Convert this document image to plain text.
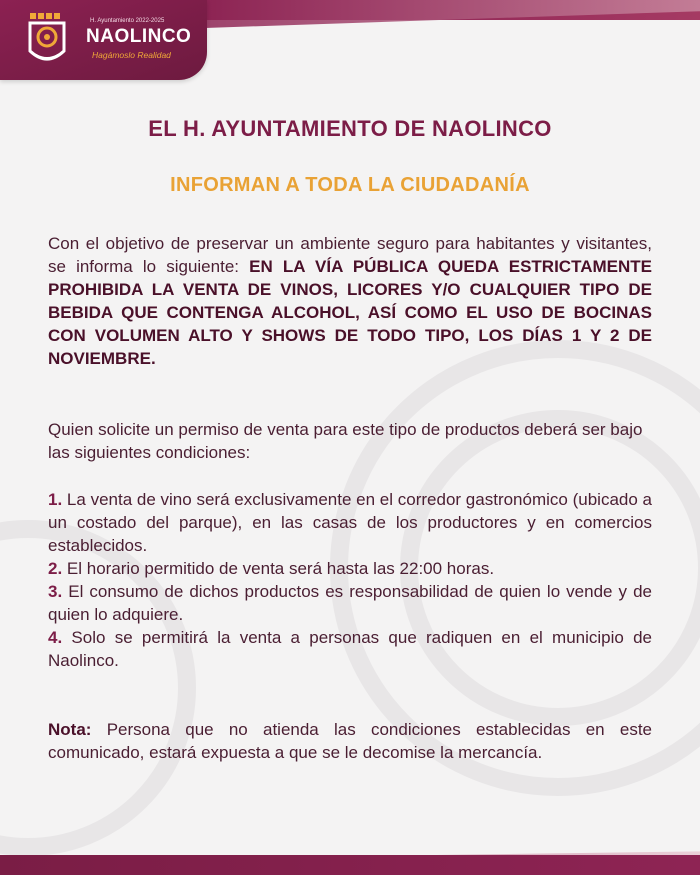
H. Ayuntamiento 2022-2025
NAOLINCO
Hagámoslo Realidad
EL H. AYUNTAMIENTO DE NAOLINCO
INFORMAN A TODA LA CIUDADANÍA
Con el objetivo de preservar un ambiente seguro para habitantes y visitantes, se informa lo siguiente: EN LA VÍA PÚBLICA QUEDA ESTRICTAMENTE PROHIBIDA LA VENTA DE VINOS, LICORES Y/O CUALQUIER TIPO DE BEBIDA QUE CONTENGA ALCOHOL, ASÍ COMO EL USO DE BOCINAS CON VOLUMEN ALTO Y SHOWS DE TODO TIPO, LOS DÍAS 1 Y 2 DE NOVIEMBRE.
Quien solicite un permiso de venta para este tipo de productos deberá ser bajo las siguientes condiciones:
1. La venta de vino será exclusivamente en el corredor gastronómico (ubicado a un costado del parque), en las casas de los productores y en comercios establecidos.
2. El horario permitido de venta será hasta las 22:00 horas.
3. El consumo de dichos productos es responsabilidad de quien lo vende y de quien lo adquiere.
4. Solo se permitirá la venta a personas que radiquen en el municipio de Naolinco.
Nota: Persona que no atienda las condiciones establecidas en este comunicado, estará expuesta a que se le decomise la mercancía.
